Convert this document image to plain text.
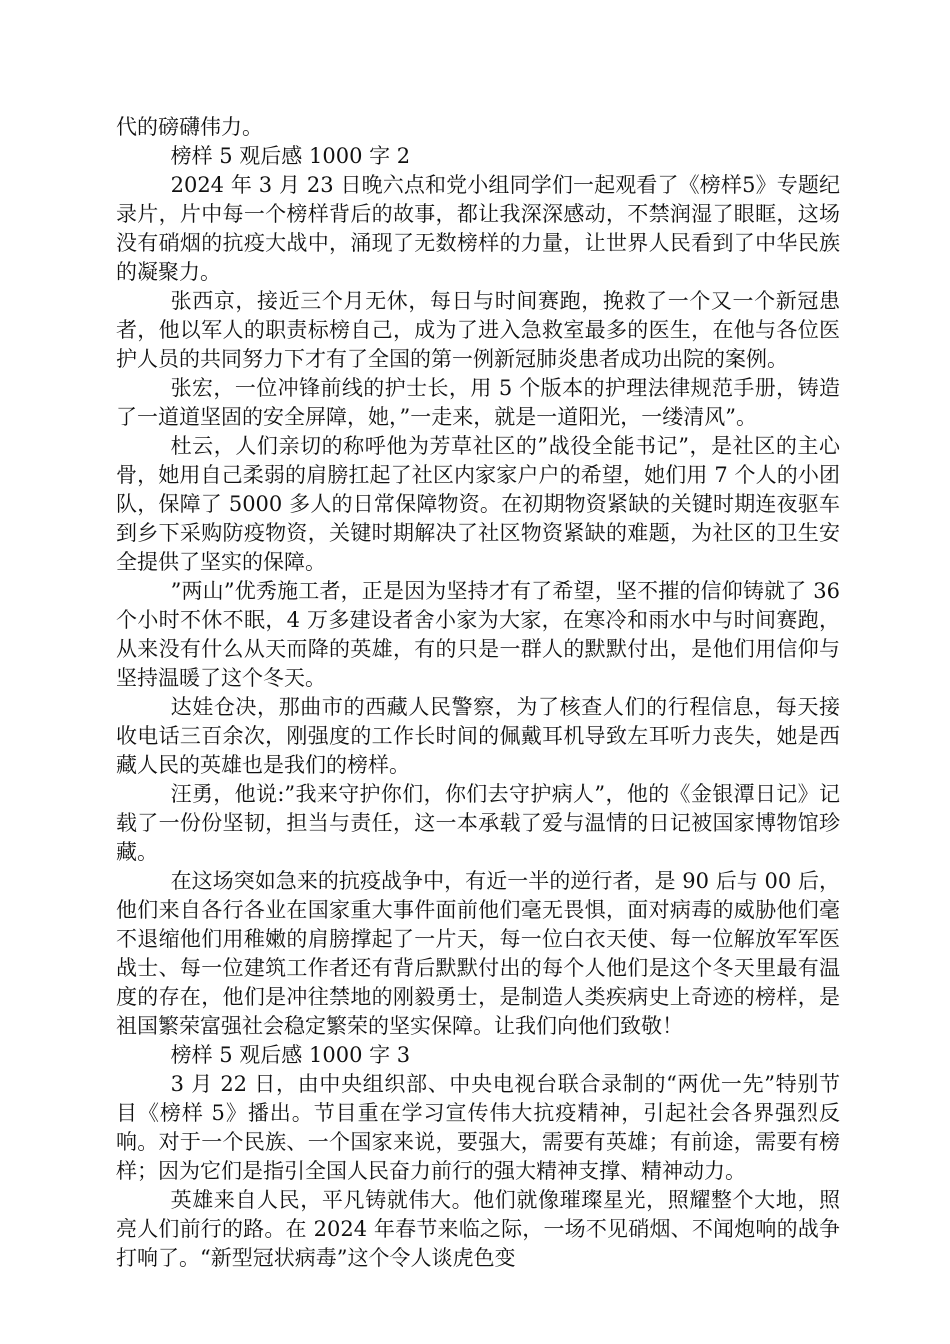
代的磅礴伟力。

榜样 5 观后感 1000 字 2

2024 年 3 月 23 日晚六点和党小组同学们一起观看了《榜样5》专题纪录片，片中每一个榜样背后的故事，都让我深深感动，不禁润湿了眼眶，这场没有硝烟的抗疫大战中，涌现了无数榜样的力量，让世界人民看到了中华民族的凝聚力。

张西京，接近三个月无休，每日与时间赛跑，挽救了一个又一个新冠患者，他以军人的职责标榜自己，成为了进入急救室最多的医生，在他与各位医护人员的共同努力下才有了全国的第一例新冠肺炎患者成功出院的案例。

张宏，一位冲锋前线的护士长，用 5 个版本的护理法律规范手册，铸造了一道道坚固的安全屏障，她，”一走来，就是一道阳光，一缕清风”。

杜云，人们亲切的称呼他为芳草社区的”战役全能书记”，是社区的主心骨，她用自己柔弱的肩膀扛起了社区内家家户户的希望，她们用 7 个人的小团队，保障了 5000 多人的日常保障物资。在初期物资紧缺的关键时期连夜驱车到乡下采购防疫物资，关键时期解决了社区物资紧缺的难题，为社区的卫生安全提供了坚实的保障。

”两山”优秀施工者，正是因为坚持才有了希望，坚不摧的信仰铸就了 36 个小时不休不眠，4 万多建设者舍小家为大家，在寒冷和雨水中与时间赛跑，从来没有什么从天而降的英雄，有的只是一群人的默默付出，是他们用信仰与坚持温暖了这个冬天。

达娃仓决，那曲市的西藏人民警察，为了核查人们的行程信息，每天接收电话三百余次，刚强度的工作长时间的佩戴耳机导致左耳听力丧失，她是西藏人民的英雄也是我们的榜样。

汪勇，他说:”我来守护你们，你们去守护病人”，他的《金银潭日记》记载了一份份坚韧，担当与责任，这一本承载了爱与温情的日记被国家博物馆珍藏。

在这场突如急来的抗疫战争中，有近一半的逆行者，是 90 后与 00 后，他们来自各行各业在国家重大事件面前他们毫无畏惧，面对病毒的威胁他们毫不退缩他们用稚嫩的肩膀撑起了一片天，每一位白衣天使、每一位解放军军医战士、每一位建筑工作者还有背后默默付出的每个人他们是这个冬天里最有温度的存在，他们是冲往禁地的刚毅勇士，是制造人类疾病史上奇迹的榜样，是祖国繁荣富强社会稳定繁荣的坚实保障。让我们向他们致敬！

榜样 5 观后感 1000 字 3

3 月 22 日，由中央组织部、中央电视台联合录制的“两优一先”特别节目《榜样 5》播出。节目重在学习宣传伟大抗疫精神，引起社会各界强烈反响。对于一个民族、一个国家来说，要强大，需要有英雄；有前途，需要有榜样；因为它们是指引全国人民奋力前行的强大精神支撑、精神动力。

英雄来自人民，平凡铸就伟大。他们就像璀璨星光，照耀整个大地，照亮人们前行的路。在 2024 年春节来临之际，一场不见硝烟、不闻炮响的战争打响了。“新型冠状病毒”这个令人谈虎色变
